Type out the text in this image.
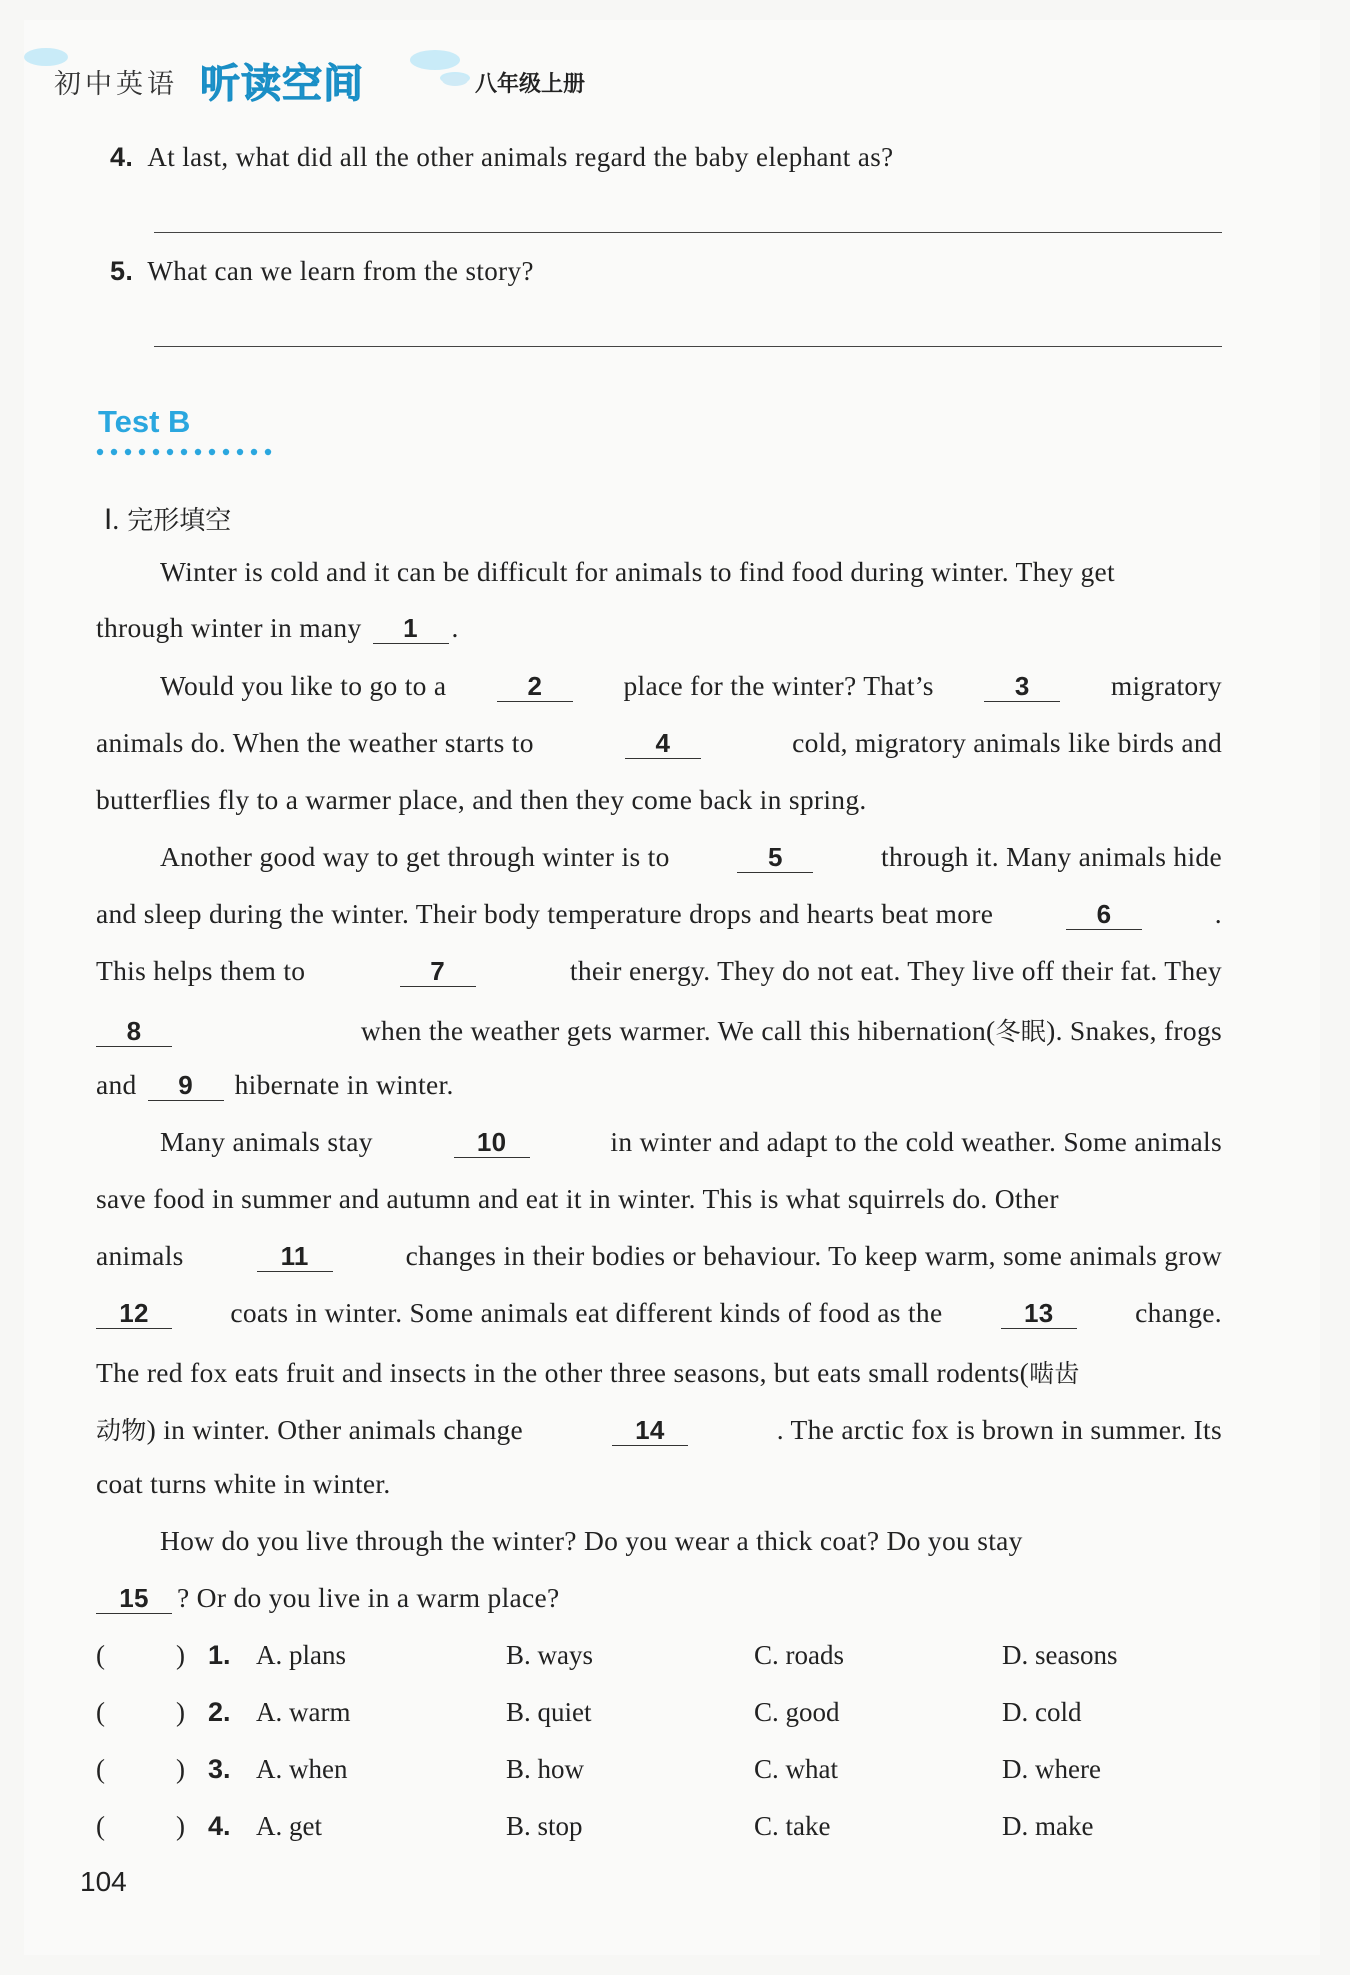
初中英语 听读空间	八年级上册
4. At last, what did all the other animals regard the baby elephant as?
5. What can we learn from the story?
Test B
Ⅰ. 完形填空
Winter is cold and it can be difficult for animals to find food during winter. They get
through winter in many	1	.
Would you like to go to a	2	place for the winter? That’s	3	migratory
animals do. When the weather starts to	4	cold, migratory animals like birds and
butterflies fly to a warmer place, and then they come back in spring.
Another good way to get through winter is to	5	through it. Many animals hide
and sleep during the winter. Their body temperature drops and hearts beat more	6	.
This helps them to	7	their energy. They do not eat. They live off their fat. They
8	when the weather gets warmer. We call this hibernation(冬眠). Snakes, frogs
and	9	hibernate in winter.
Many animals stay	10	in winter and adapt to the cold weather. Some animals
save food in summer and autumn and eat it in winter. This is what squirrels do. Other
animals	11	changes in their bodies or behaviour. To keep warm, some animals grow
12	coats in winter. Some animals eat different kinds of food as the	13	change.
The red fox eats fruit and insects in the other three seasons, but eats small rodents(啮齿
动物) in winter. Other animals change	14	. The arctic fox is brown in summer. Its
coat turns white in winter.
How do you live through the winter? Do you wear a thick coat? Do you stay
15	? Or do you live in a warm place?
(	) 1. A. plans	B. ways	C. roads	D. seasons
(	) 2. A. warm	B. quiet	C. good	D. cold
(	) 3. A. when	B. how	C. what	D. where
(	) 4. A. get	B. stop	C. take	D. make
104
